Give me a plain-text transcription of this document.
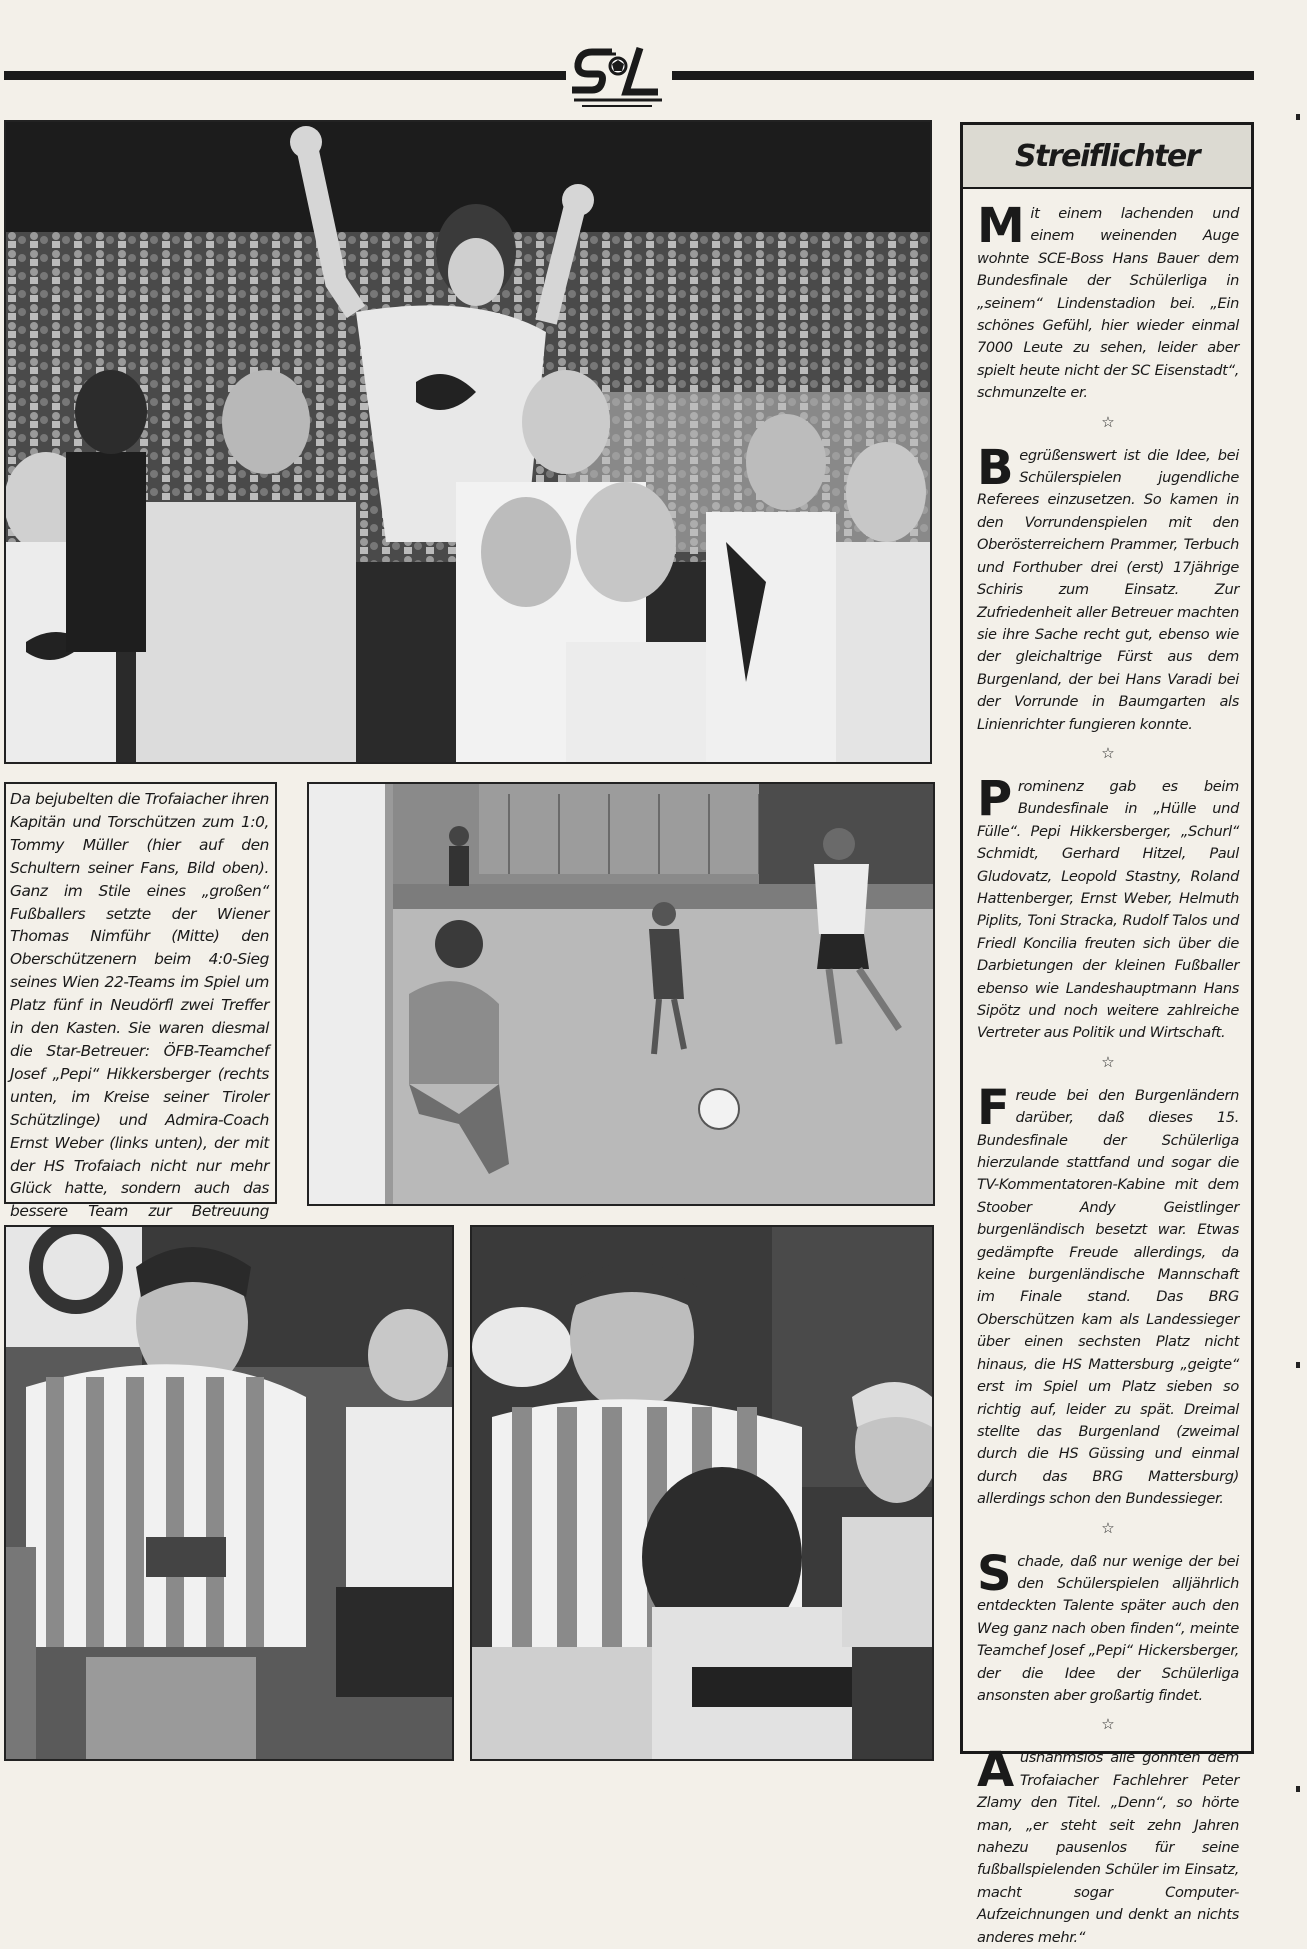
Da bejubelten die Trofaiacher ihren Kapitän und Torschützen zum 1:0, Tommy Müller (hier auf den Schultern seiner Fans, Bild oben). Ganz im Stile eines „großen“ Fußballers setzte der Wiener Thomas Nimführ (Mitte) den Oberschützenern beim 4:0-Sieg seines Wien 22-Teams im Spiel um Platz fünf in Neudörfl zwei Treffer in den Kasten. Sie waren diesmal die Star-Betreuer: ÖFB-Teamchef Josef „Pepi“ Hikkersberger (rechts unten, im Kreise seiner Tiroler Schützlinge) und Admira-Coach Ernst Weber (links unten), der mit der HS Trofaiach nicht nur mehr Glück hatte, sondern auch das bessere Team zur Betreuung
Streiflichter

Mit einem lachenden und einem weinenden Auge wohnte SCE-Boss Hans Bauer dem Bundesfinale der Schülerliga in „seinem“ Lindenstadion bei. „Ein schönes Gefühl, hier wieder einmal 7000 Leute zu sehen, leider aber spielt heute nicht der SC Eisenstadt“, schmunzelte er.

☆

Begrüßenswert ist die Idee, bei Schülerspielen jugendliche Referees einzusetzen. So kamen in den Vorrundenspielen mit den Oberösterreichern Prammer, Terbuch und Forthuber drei (erst) 17jährige Schiris zum Einsatz. Zur Zufriedenheit aller Betreuer machten sie ihre Sache recht gut, ebenso wie der gleichaltrige Fürst aus dem Burgenland, der bei Hans Varadi bei der Vorrunde in Baumgarten als Linienrichter fungieren konnte.

☆

Prominenz gab es beim Bundesfinale in „Hülle und Fülle“. Pepi Hikkersberger, „Schurl“ Schmidt, Gerhard Hitzel, Paul Gludovatz, Leopold Stastny, Roland Hattenberger, Ernst Weber, Helmuth Piplits, Toni Stracka, Rudolf Talos und Friedl Koncilia freuten sich über die Darbietungen der kleinen Fußballer ebenso wie Landeshauptmann Hans Sipötz und noch weitere zahlreiche Vertreter aus Politik und Wirtschaft.

☆

Freude bei den Burgenländern darüber, daß dieses 15. Bundesfinale der Schülerliga hierzulande stattfand und sogar die TV-Kommentatoren-Kabine mit dem Stoober Andy Geistlinger burgenländisch besetzt war. Etwas gedämpfte Freude allerdings, da keine burgenländische Mannschaft im Finale stand. Das BRG Oberschützen kam als Landessieger über einen sechsten Platz nicht hinaus, die HS Mattersburg „geigte“ erst im Spiel um Platz sieben so richtig auf, leider zu spät. Dreimal stellte das Burgenland (zweimal durch die HS Güssing und einmal durch das BRG Mattersburg) allerdings schon den Bundessieger.

☆

Schade, daß nur wenige der bei den Schülerspielen alljährlich entdeckten Talente später auch den Weg ganz nach oben finden“, meinte Teamchef Josef „Pepi“ Hickersberger, der die Idee der Schülerliga ansonsten aber großartig findet.

☆

Ausnahmslos alle gönnten dem Trofaiacher Fachlehrer Peter Zlamy den Titel. „Denn“, so hörte man, „er steht seit zehn Jahren nahezu pausenlos für seine fußballspielenden Schüler im Einsatz, macht sogar Computer-Aufzeichnungen und denkt an nichts anderes mehr.“
